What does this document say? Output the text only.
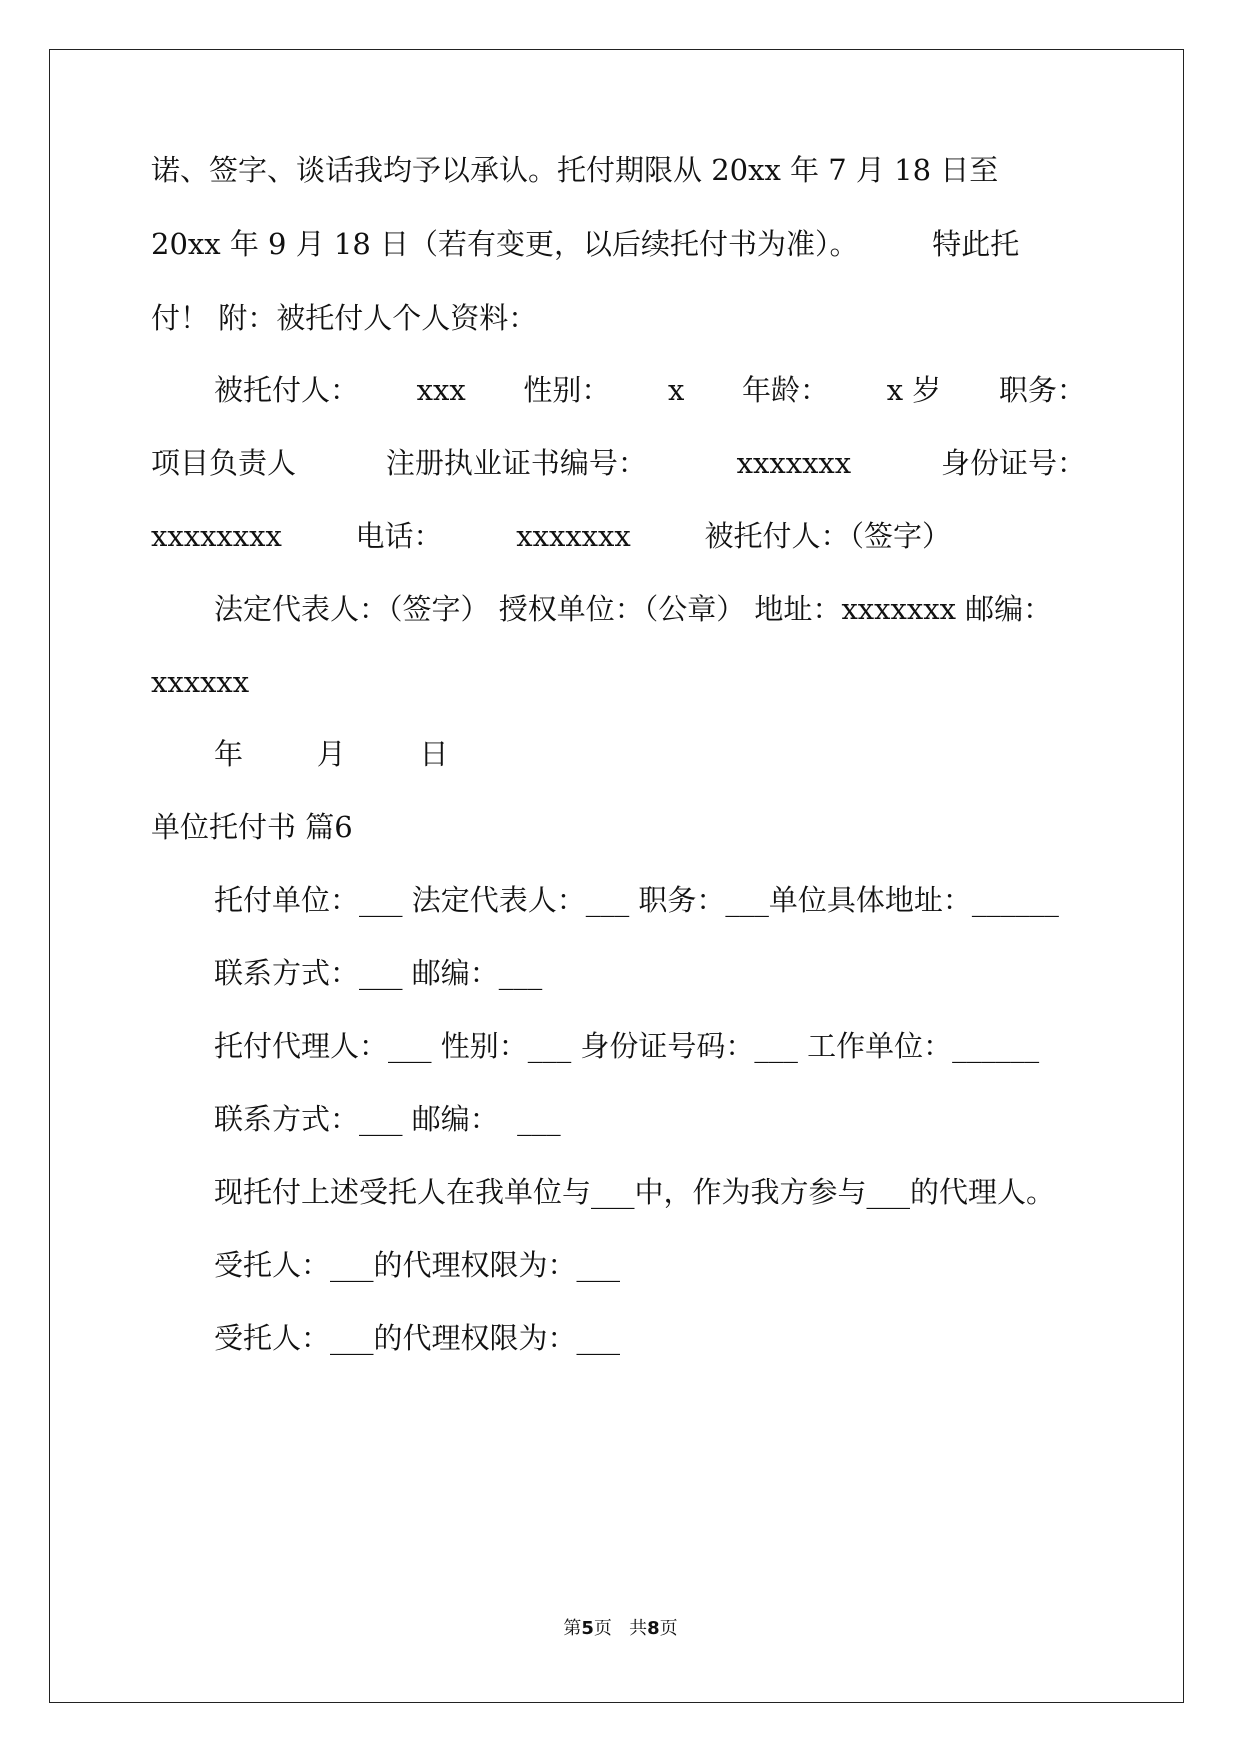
诺、签字、谈话我均予以承认。托付期限从 20xx 年 7 月 18 日至
20xx 年 9 月 18 日（若有变更，以后续托付书为准）。        特此托
付！ 附：被托付人个人资料：
被托付人： xxx 性别： x 年龄： x 岁 职务：
项目负责人	注册执业证书编号：	xxxxxxx	身份证号：
xxxxxxxx	电话：	xxxxxxx	被托付人：（签字）
法定代表人：（签字） 授权单位：（公章） 地址：xxxxxxx 邮编：
xxxxxx
年        月        日
单位托付书 篇6
托付单位：___ 法定代表人：___ 职务：___单位具体地址：______
联系方式：___ 邮编：___
托付代理人：___ 性别：___ 身份证号码：___ 工作单位：______
联系方式：___ 邮编：  ___
现托付上述受托人在我单位与___中，作为我方参与___的代理人。
受托人：___的代理权限为：___
受托人：___的代理权限为：___
第5页   共8页
